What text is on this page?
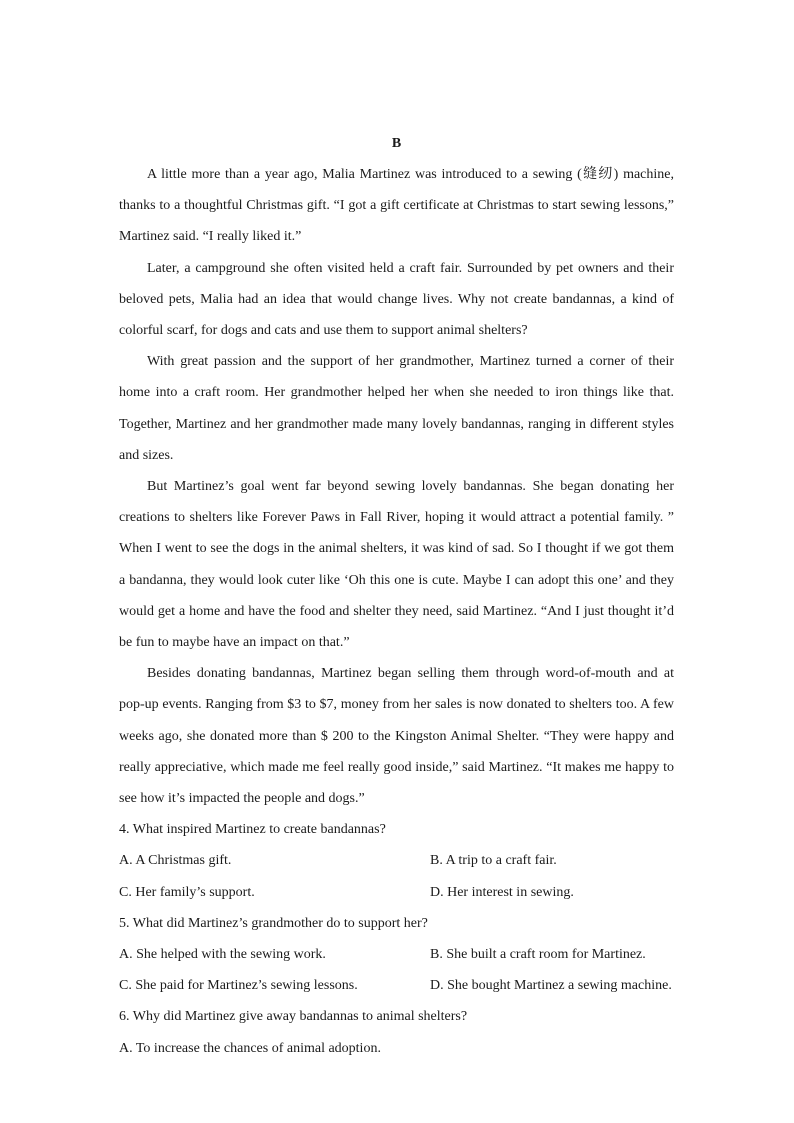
B

A little more than a year ago, Malia Martinez was introduced to a sewing (缝纫) machine, thanks to a thoughtful Christmas gift. “I got a gift certificate at Christmas to start sewing lessons,” Martinez said. “I really liked it.”

Later, a campground she often visited held a craft fair. Surrounded by pet owners and their beloved pets, Malia had an idea that would change lives. Why not create bandannas, a kind of colorful scarf, for dogs and cats and use them to support animal shelters?

With great passion and the support of her grandmother, Martinez turned a corner of their home into a craft room. Her grandmother helped her when she needed to iron things like that. Together, Martinez and her grandmother made many lovely bandannas, ranging in different styles and sizes.

But Martinez’s goal went far beyond sewing lovely bandannas. She began donating her creations to shelters like Forever Paws in Fall River, hoping it would attract a potential family. ” When I went to see the dogs in the animal shelters, it was kind of sad. So I thought if we got them a bandanna, they would look cuter like ‘Oh this one is cute. Maybe I can adopt this one’ and they would get a home and have the food and shelter they need, said Martinez. “And I just thought it’d be fun to maybe have an impact on that.”

Besides donating bandannas, Martinez began selling them through word-of-mouth and at pop-up events. Ranging from $3 to $7, money from her sales is now donated to shelters too. A few weeks ago, she donated more than $ 200 to the Kingston Animal Shelter. “They were happy and really appreciative, which made me feel really good inside,” said Martinez. “It makes me happy to see how it’s impacted the people and dogs.”

4. What inspired Martinez to create bandannas?
A. A Christmas gift.	B. A trip to a craft fair.
C. Her family’s support.	D. Her interest in sewing.
5. What did Martinez’s grandmother do to support her?
A. She helped with the sewing work.	B. She built a craft room for Martinez.
C. She paid for Martinez’s sewing lessons.	D. She bought Martinez a sewing machine.
6. Why did Martinez give away bandannas to animal shelters?
A. To increase the chances of animal adoption.
